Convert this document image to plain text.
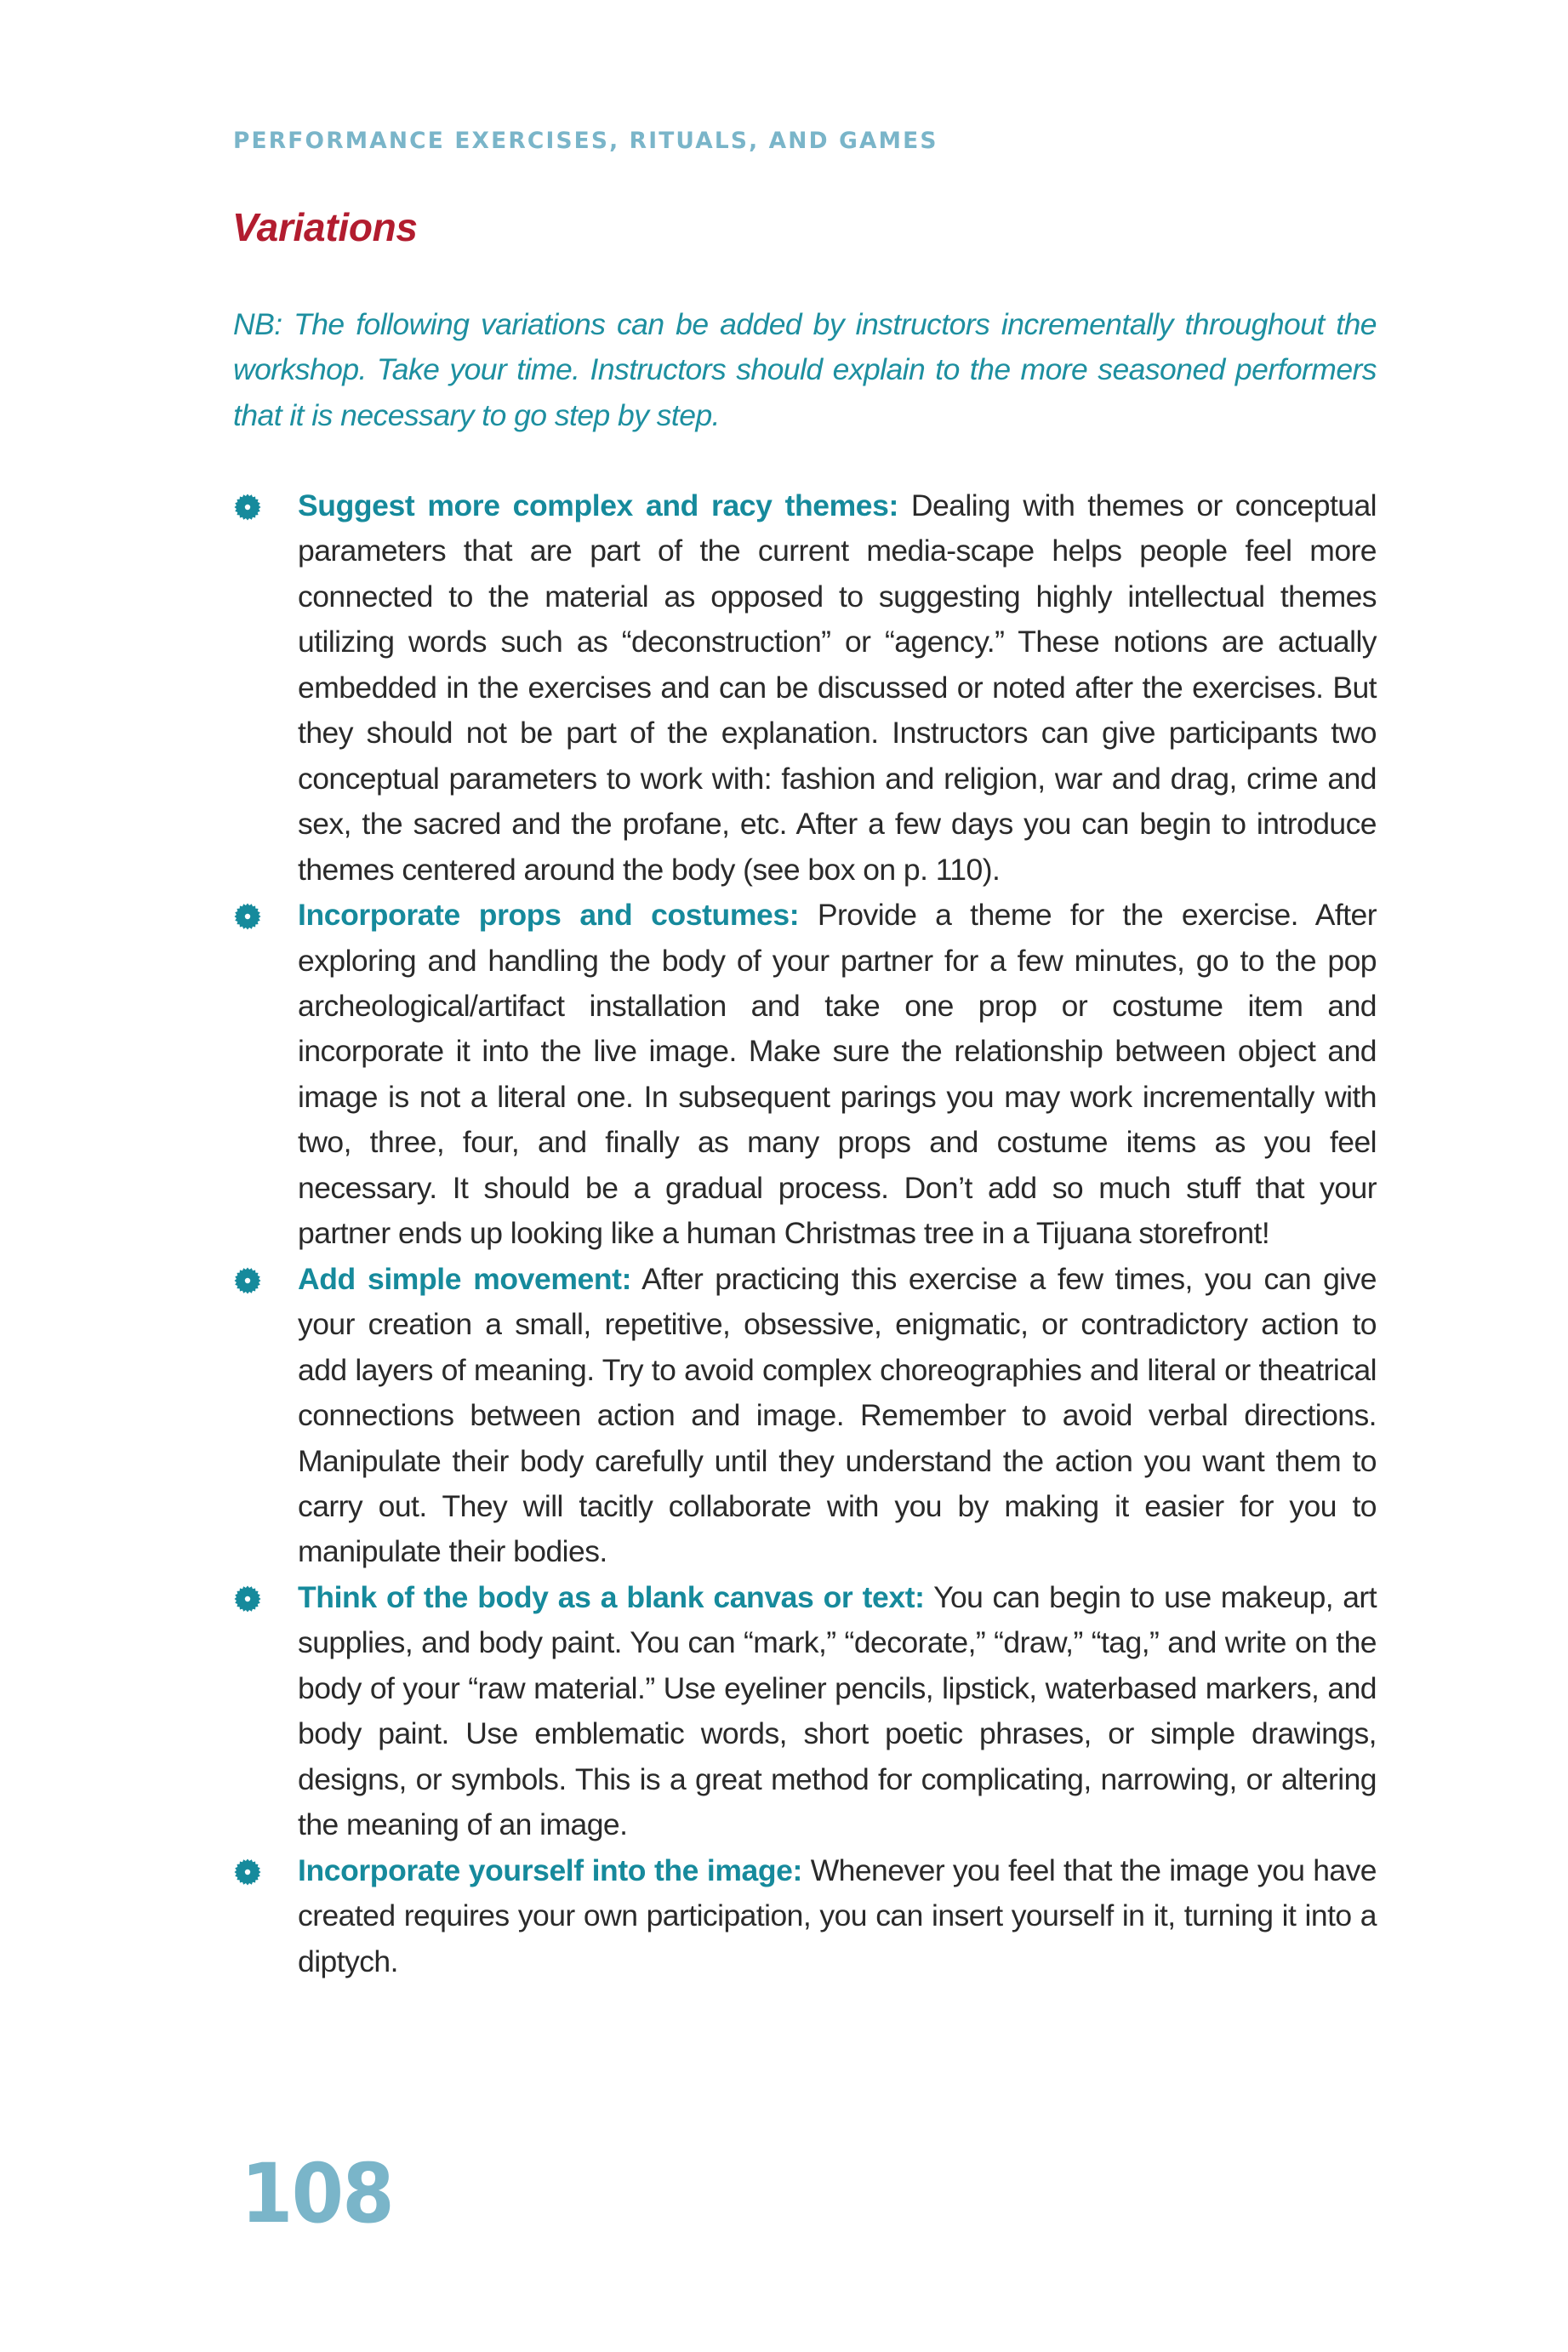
PERFORMANCE EXERCISES, RITUALS, AND GAMES
Variations

NB: The following variations can be added by instructors incrementally throughout the workshop. Take your time. Instructors should explain to the more seasoned performers that it is necessary to go step by step.

Suggest more complex and racy themes: Dealing with themes or conceptual parameters that are part of the current media-scape helps people feel more connected to the material as opposed to suggesting highly intellectual themes utilizing words such as “deconstruction” or “agency.” These notions are actually embedded in the exercises and can be discussed or noted after the exercises. But they should not be part of the explanation. Instructors can give participants two conceptual parameters to work with: fashion and religion, war and drag, crime and sex, the sacred and the profane, etc. After a few days you can begin to introduce themes centered around the body (see box on p. 110).
Incorporate props and costumes: Provide a theme for the exercise. After exploring and handling the body of your partner for a few minutes, go to the pop archeological/artifact installation and take one prop or costume item and incorporate it into the live image. Make sure the relationship between object and image is not a literal one. In subsequent parings you may work incrementally with two, three, four, and finally as many props and costume items as you feel necessary. It should be a gradual process. Don’t add so much stuff that your partner ends up looking like a human Christmas tree in a Tijuana storefront!
Add simple movement: After practicing this exercise a few times, you can give your creation a small, repetitive, obsessive, enigmatic, or contradictory action to add layers of meaning. Try to avoid complex choreographies and literal or theatrical connections between action and image. Remember to avoid verbal directions. Manipulate their body carefully until they understand the action you want them to carry out. They will tacitly collaborate with you by making it easier for you to manipulate their bodies.
Think of the body as a blank canvas or text: You can begin to use makeup, art supplies, and body paint. You can “mark,” “decorate,” “draw,” “tag,” and write on the body of your “raw material.” Use eyeliner pencils, lipstick, waterbased markers, and body paint. Use emblematic words, short poetic phrases, or simple drawings, designs, or symbols. This is a great method for complicating, narrowing, or altering the meaning of an image.
Incorporate yourself into the image: Whenever you feel that the image you have created requires your own participation, you can insert yourself in it, turning it into a diptych.
108
